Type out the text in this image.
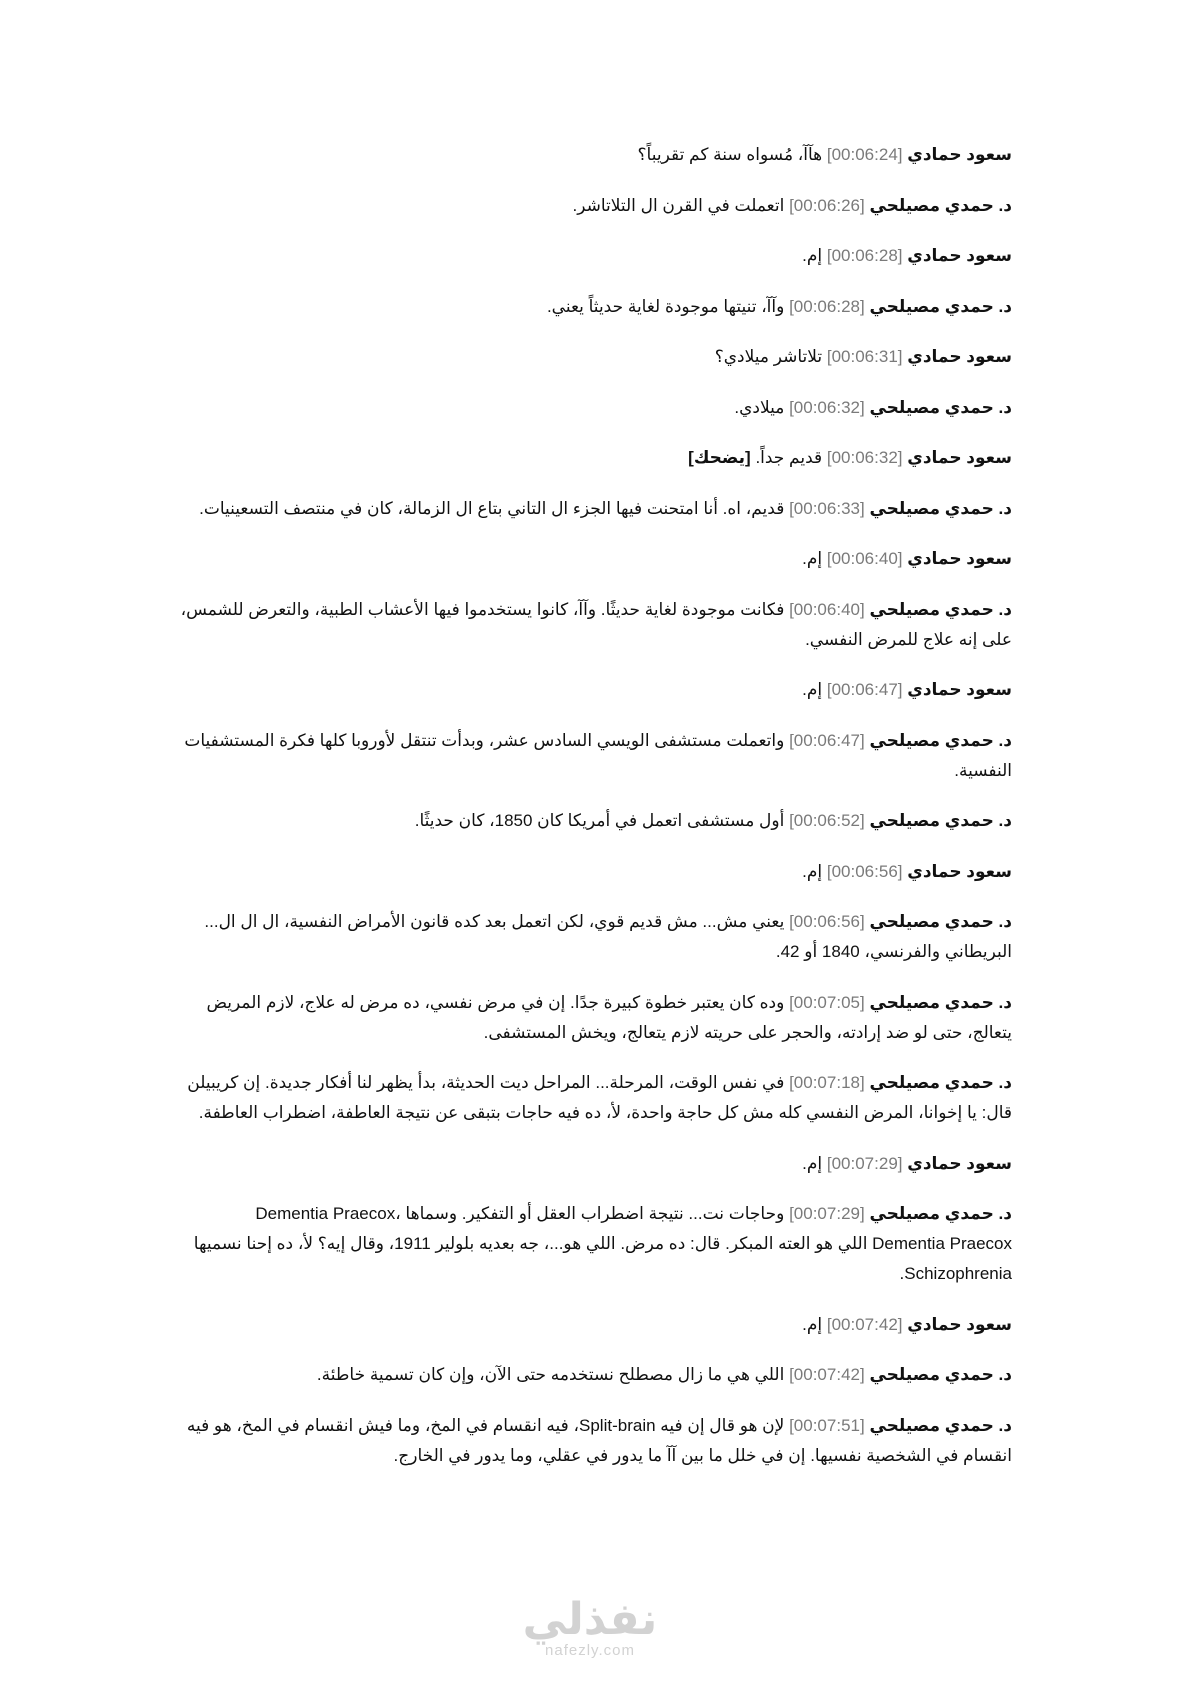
سعود حمادي [00:06:24] هآآ، مُسواه سنة كم تقريباً؟

د. حمدي مصيلحي [00:06:26] اتعملت في القرن ال التلاتاشر.

سعود حمادي [00:06:28] إم.

د. حمدي مصيلحي [00:06:28] وآآ، تنيتها موجودة لغاية حديثاً يعني.

سعود حمادي [00:06:31] تلاتاشر ميلادي؟

د. حمدي مصيلحي [00:06:32] ميلادي.

سعود حمادي [00:06:32] قديم جداً. [يضحك]

د. حمدي مصيلحي [00:06:33] قديم، اه. أنا امتحنت فيها الجزء ال التاني بتاع ال الزمالة، كان في منتصف التسعينيات.

سعود حمادي [00:06:40] إم.

د. حمدي مصيلحي [00:06:40] فكانت موجودة لغاية حديثًا. وآآ، كانوا يستخدموا فيها الأعشاب الطبية، والتعرض للشمس، على إنه علاج للمرض النفسي.

سعود حمادي [00:06:47] إم.

د. حمدي مصيلحي [00:06:47] واتعملت مستشفى الويسي السادس عشر، وبدأت تنتقل لأوروبا كلها فكرة المستشفيات النفسية.

د. حمدي مصيلحي [00:06:52] أول مستشفى اتعمل في أمريكا كان 1850، كان حديثًا.

سعود حمادي [00:06:56] إم.

د. حمدي مصيلحي [00:06:56] يعني مش... مش قديم قوي، لكن اتعمل بعد كده قانون الأمراض النفسية، ال ال ال... البريطاني والفرنسي، 1840 أو 42.

د. حمدي مصيلحي [00:07:05] وده كان يعتبر خطوة كبيرة جدًا. إن في مرض نفسي، ده مرض له علاج، لازم المريض يتعالج، حتى لو ضد إرادته، والحجر على حريته لازم يتعالج، ويخش المستشفى.

د. حمدي مصيلحي [00:07:18] في نفس الوقت، المرحلة... المراحل ديت الحديثة، بدأ يظهر لنا أفكار جديدة. إن كريبيلن قال: يا إخوانا، المرض النفسي كله مش كل حاجة واحدة، لأ، ده فيه حاجات بتبقى عن نتيجة العاطفة، اضطراب العاطفة.

سعود حمادي [00:07:29] إم.

د. حمدي مصيلحي [00:07:29] وحاجات نت... نتيجة اضطراب العقل أو التفكير. وسماها Dementia Praecox، Dementia Praecox اللي هو العته المبكر. قال: ده مرض. اللي هو...، جه بعديه بلولير 1911، وقال إيه؟ لأ، ده إحنا نسميها Schizophrenia.

سعود حمادي [00:07:42] إم.

د. حمدي مصيلحي [00:07:42] اللي هي ما زال مصطلح نستخدمه حتى الآن، وإن كان تسمية خاطئة.

د. حمدي مصيلحي [00:07:51] لإن هو قال إن فيه Split-brain، فيه انقسام في المخ، وما فيش انقسام في المخ، هو فيه انقسام في الشخصية نفسيها. إن في خلل ما بين آآ ما يدور في عقلي، وما يدور في الخارج.

نفذلي
nafezly.com
